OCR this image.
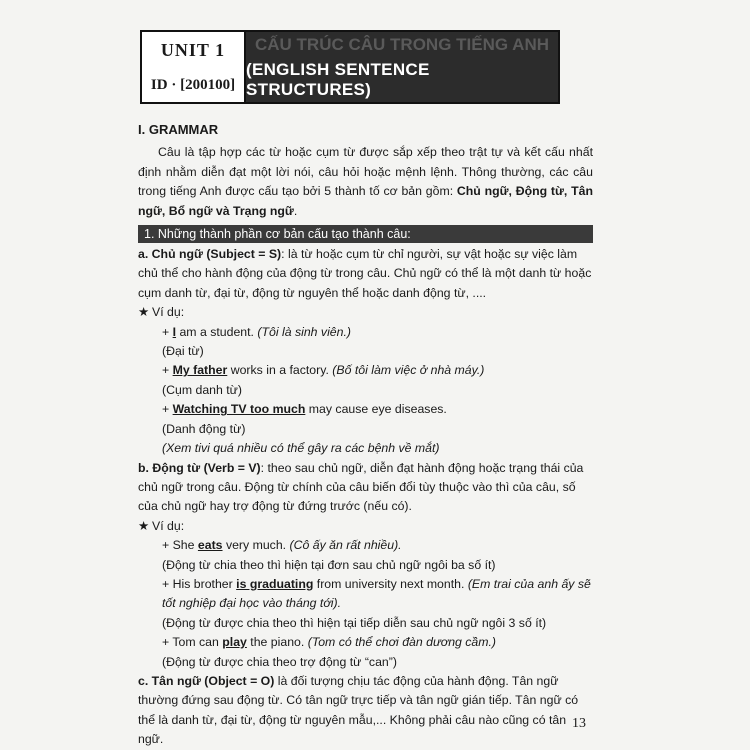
UNIT 1
ID · [200100]
CẤU TRÚC CÂU TRONG TIẾNG ANH
(ENGLISH SENTENCE STRUCTURES)
I. GRAMMAR
Câu là tập hợp các từ hoặc cụm từ được sắp xếp theo trật tự và kết cấu nhất định nhằm diễn đạt một lời nói, câu hỏi hoặc mệnh lệnh. Thông thường, các câu trong tiếng Anh được cấu tạo bởi 5 thành tố cơ bản gồm: Chủ ngữ, Động từ, Tân ngữ, Bổ ngữ và Trạng ngữ.
1. Những thành phần cơ bản cấu tạo thành câu:
a. Chủ ngữ (Subject = S): là từ hoặc cụm từ chỉ người, sự vật hoặc sự việc làm chủ thể cho hành động của động từ trong câu. Chủ ngữ có thể là một danh từ hoặc cụm danh từ, đại từ, động từ nguyên thể hoặc danh động từ, ....
★ Ví dụ:
+ I am a student. (Tôi là sinh viên.)
(Đại từ)
+ My father works in a factory. (Bố tôi làm việc ở nhà máy.)
(Cụm danh từ)
+ Watching TV too much may cause eye diseases.
(Danh động từ)
(Xem tivi quá nhiều có thể gây ra các bệnh về mắt)
b. Động từ (Verb = V): theo sau chủ ngữ, diễn đạt hành động hoặc trạng thái của chủ ngữ trong câu. Động từ chính của câu biến đổi tùy thuộc vào thì của câu, số của chủ ngữ hay trợ động từ đứng trước (nếu có).
★ Ví dụ:
+ She eats very much. (Cô ấy ăn rất nhiều).
(Động từ chia theo thì hiện tại đơn sau chủ ngữ ngôi ba số ít)
+ His brother is graduating from university next month. (Em trai của anh ấy sẽ tốt nghiệp đại học vào tháng tới).
(Động từ được chia theo thì hiện tại tiếp diễn sau chủ ngữ ngôi 3 số ít)
+ Tom can play the piano. (Tom có thể chơi đàn dương cầm.)
(Động từ được chia theo trợ động từ “can”)
c. Tân ngữ (Object = O) là đối tượng chịu tác động của hành động. Tân ngữ thường đứng sau động từ. Có tân ngữ trực tiếp và tân ngữ gián tiếp. Tân ngữ có thể là danh từ, đại từ, động từ nguyên mẫu,... Không phải câu nào cũng có tân ngữ.
13
